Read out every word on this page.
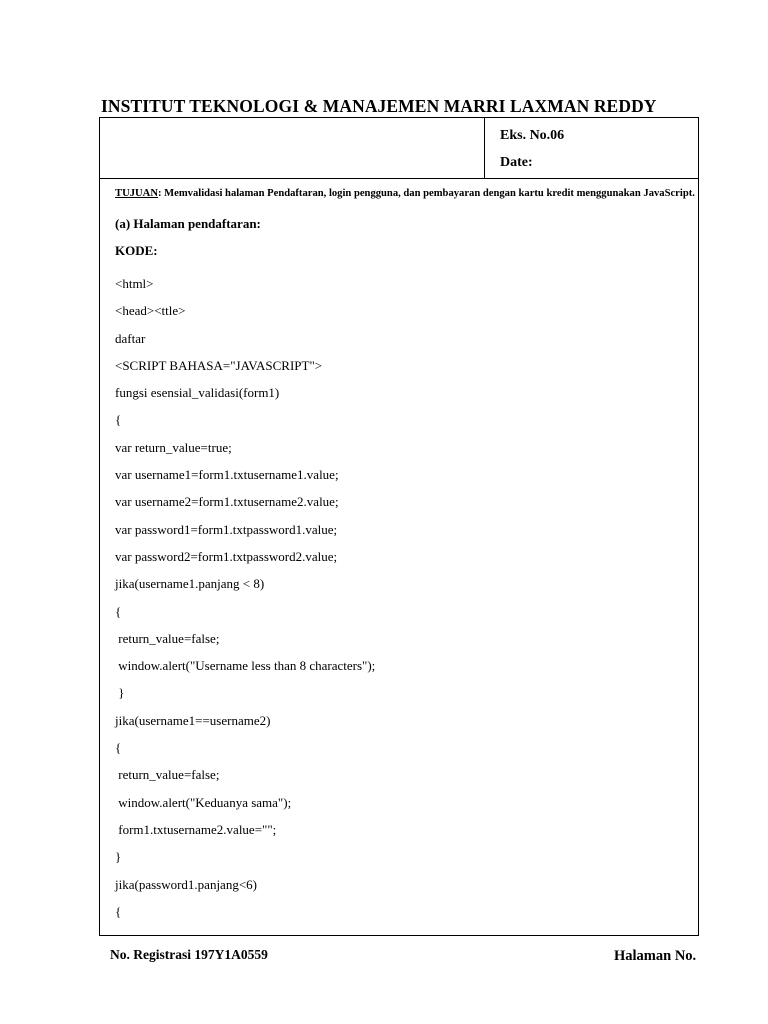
INSTITUT TEKNOLOGI & MANAJEMEN MARRI LAXMAN REDDY
Eks. No.06
Date:
TUJUAN: Memvalidasi halaman Pendaftaran, login pengguna, dan pembayaran dengan kartu kredit menggunakan JavaScript.
(a) Halaman pendaftaran:
KODE:
<html>
<head><ttle>
daftar
<SCRIPT BAHASA="JAVASCRIPT">
fungsi esensial_validasi(form1)
{
var return_value=true;
var username1=form1.txtusername1.value;
var username2=form1.txtusername2.value;
var password1=form1.txtpassword1.value;
var password2=form1.txtpassword2.value;
jika(username1.panjang < 8)
{
return_value=false;
window.alert("Username less than 8 characters");
}
jika(username1==username2)
{
return_value=false;
window.alert("Keduanya sama");
form1.txtusername2.value="";
}
jika(password1.panjang<6)
{
No. Registrasi 197Y1A0559	Halaman No.
